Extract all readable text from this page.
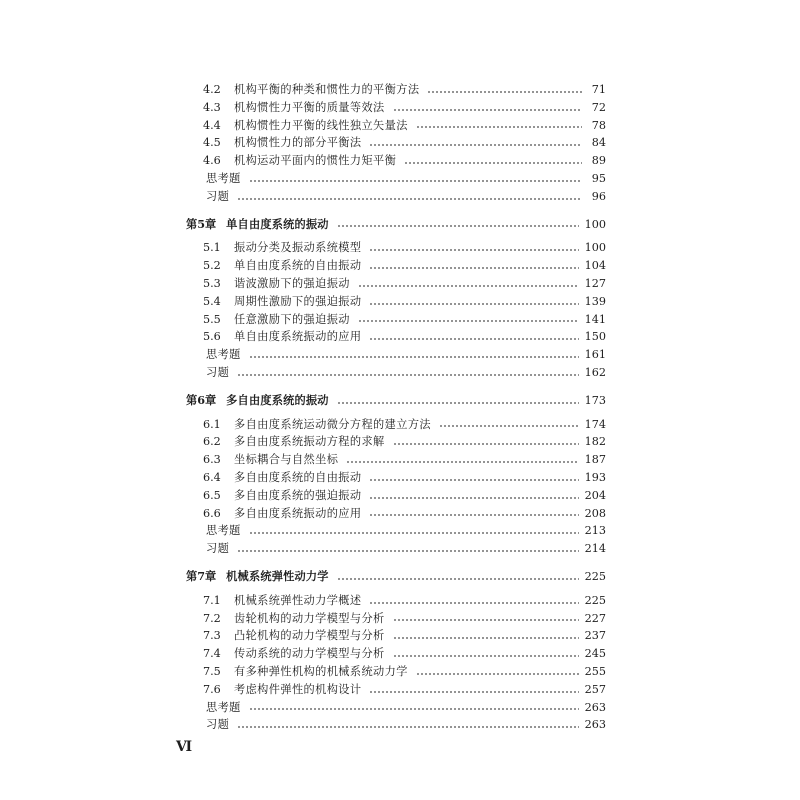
4.2	机构平衡的种类和惯性力的平衡方法	71
4.3	机构惯性力平衡的质量等效法	72
4.4	机构惯性力平衡的线性独立矢量法	78
4.5	机构惯性力的部分平衡法	84
4.6	机构运动平面内的惯性力矩平衡	89
思考题	95
习题	96
第5章 单自由度系统的振动	100
5.1	振动分类及振动系统模型	100
5.2	单自由度系统的自由振动	104
5.3	谐波激励下的强迫振动	127
5.4	周期性激励下的强迫振动	139
5.5	任意激励下的强迫振动	141
5.6	单自由度系统振动的应用	150
思考题	161
习题	162
第6章 多自由度系统的振动	173
6.1	多自由度系统运动微分方程的建立方法	174
6.2	多自由度系统振动方程的求解	182
6.3	坐标耦合与自然坐标	187
6.4	多自由度系统的自由振动	193
6.5	多自由度系统的强迫振动	204
6.6	多自由度系统振动的应用	208
思考题	213
习题	214
第7章 机械系统弹性动力学	225
7.1	机械系统弹性动力学概述	225
7.2	齿轮机构的动力学模型与分析	227
7.3	凸轮机构的动力学模型与分析	237
7.4	传动系统的动力学模型与分析	245
7.5	有多种弹性机构的机械系统动力学	255
7.6	考虑构件弹性的机构设计	257
思考题	263
习题	263
Ⅵ
